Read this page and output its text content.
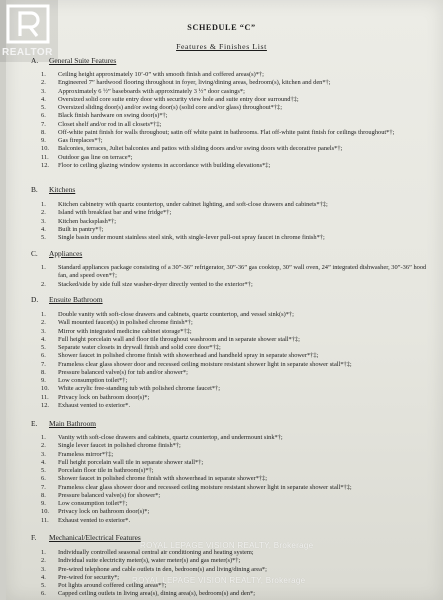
REALTOR
SCHEDULE “C”
Features & Finishes List
A. General Suite Features
1. Ceiling height approximately 10’-0” with smooth finish and coffered areas(s)*†;
2. Engineered 7” hardwood flooring throughout in foyer, living/dining areas, bedroom(s), kitchen and den*†;
3. Approximately 6 ½” baseboards with approximately 3 ½” door casings*;
4. Oversized solid core suite entry door with security view hole and suite entry door surround†‡;
5. Oversized sliding door(s) and/or swing door(s) (solid core and/or glass) throughout*†‡;
6. Black finish hardware on swing door(s)*†;
7. Closet shelf and/or rod in all closets*†‡;
8. Off-white paint finish for walls throughout; satin off white paint in bathrooms. Flat off-white paint finish for ceilings throughout*†;
9. Gas fireplaces*†;
10. Balconies, terraces, Juliet balconies and patios with sliding doors and/or swing doors with decorative panels*†;
11. Outdoor gas line on terrace*;
12. Floor to ceiling glazing window systems in accordance with building elevations*‡;
B. Kitchens
1. Kitchen cabinetry with quartz countertop, under cabinet lighting, and soft-close drawers and cabinets*†‡;
2. Island with breakfast bar and wine fridge*†;
3. Kitchen backsplash*†;
4. Built in pantry*†;
5. Single basin under mount stainless steel sink, with single-lever pull-out spray faucet in chrome finish*†;
C. Appliances
1. Standard appliances package consisting of a 30”-36” refrigerator, 30”-36” gas cooktop, 30” wall oven, 24” integrated dishwasher, 30”-36” hood fan, and speed oven*†;
2. Stacked/side by side full size washer-dryer directly vented to the exterior*†;
D. Ensuite Bathroom
1. Double vanity with soft-close drawers and cabinets, quartz countertop, and vessel sink(s)*†;
2. Wall mounted faucet(s) in polished chrome finish*†;
3. Mirror with integrated medicine cabinet storage*†‡;
4. Full height porcelain wall and floor tile throughout washroom and in separate shower stall*†‡;
5. Separate water closets in drywall finish and solid core door*†‡;
6. Shower faucet in polished chrome finish with showerhead and handheld spray in separate shower*†‡;
7. Frameless clear glass shower door and recessed ceiling moisture resistant shower light in separate shower stall*†‡;
8. Pressure balanced valve(s) for tub and/or shower*;
9. Low consumption toilet*†;
10. White acrylic free-standing tub with polished chrome faucet*†;
11. Privacy lock on bathroom door(s)*;
12. Exhaust vented to exterior*.
E. Main Bathroom
1. Vanity with soft-close drawers and cabinets, quartz countertop, and undermount sink*†;
2. Single lever faucet in polished chrome finish*†;
3. Frameless mirror*†‡;
4. Full height porcelain wall tile in separate shower stall*†;
5. Porcelain floor tile in bathroom(s)*†;
6. Shower faucet in polished chrome finish with showerhead in separate shower*†‡;
7. Frameless clear glass shower door and recessed ceiling moisture resistant shower light in separate shower stall*†‡;
8. Pressure balanced valve(s) for shower*;
9. Low consumption toilet*†;
10. Privacy lock on bathroom door(s)*;
11. Exhaust vented to exterior*.
F. Mechanical/Electrical Features
1. Individually controlled seasonal central air conditioning and heating system;
2. Individual suite electricity meter(s), water meter(s) and gas meter(s)*†;
3. Pre-wired telephone and cable outlets in den, bedroom(s) and living/dining area*;
4. Pre-wired for security*;
5. Pot lights around coffered ceiling areas*†;
6. Capped ceiling outlets in living area(s), dining area(s), bedroom(s) and den*;
ROYAL LEPAGE VISION REALTY, Brokerage
ROYAL LEPAGE VISION REALTY, Brokerage
